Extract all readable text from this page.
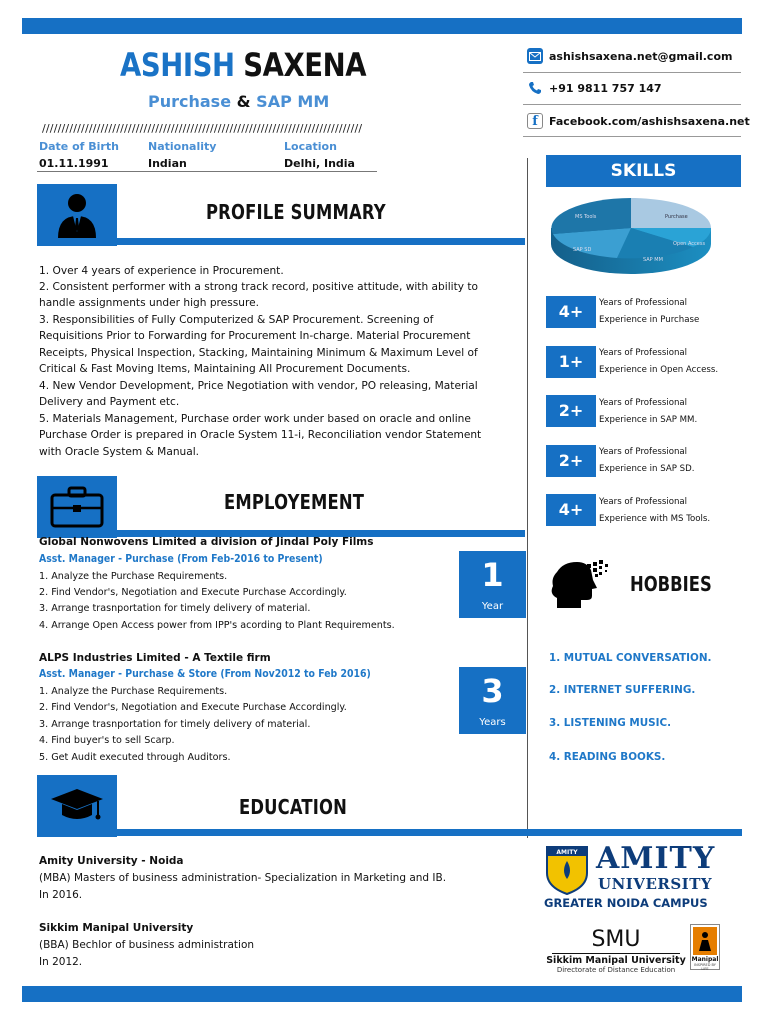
ASHISH SAXENA
Purchase & SAP MM
//////////////////////////////////////////////////////////////////////////////////
Date of Birth
01.11.1991
Nationality
Indian
Location
Delhi, India
ashishsaxena.net@gmail.com
+91 9811 757 147
f	Facebook.com/ashishsaxena.net
PROFILE SUMMARY
1. Over 4 years of experience in Procurement.
2. Consistent performer with a strong track record, positive attitude, with ability to handle assignments under high pressure.
3. Responsibilities of Fully Computerized & SAP Procurement. Screening of Requisitions Prior to Forwarding for Procurement In-charge. Material Procurement Receipts, Physical Inspection, Stacking, Maintaining Minimum & Maximum Level of Critical & Fast Moving Items, Maintaining All Procurement Documents.
4. New Vendor Development, Price Negotiation with vendor, PO releasing, Material Delivery and Payment etc.
5. Materials Management, Purchase order work under based on oracle and online Purchase Order is prepared in Oracle System 11-i, Reconciliation vendor Statement with Oracle System & Manual.
EMPLOYEMENT
Global Nonwovens Limited a division of Jindal Poly Films
Asst. Manager - Purchase (From Feb-2016 to Present)
1. Analyze the Purchase Requirements.
2. Find Vendor's, Negotiation and Execute Purchase Accordingly.
3. Arrange trasnportation for timely delivery of material.
4. Arrange Open Access power from IPP's acording to Plant Requirements.
1
Year
ALPS Industries Limited - A Textile firm
Asst. Manager - Purchase & Store (From Nov2012 to Feb 2016)
1. Analyze the Purchase Requirements.
2. Find Vendor's, Negotiation and Execute Purchase Accordingly.
3. Arrange trasnportation for timely delivery of material.
4. Find buyer's to sell Scarp.
5. Get Audit executed through Auditors.
3
Years
EDUCATION
Amity University - Noida
(MBA) Masters of business administration- Specialization in Marketing and IB.
In 2016.
Sikkim Manipal University
(BBA) Bechlor of business administration
In 2012.
SKILLS
MS Tools	Purchase
SAP SD
Open Access
SAP MM
4+	Years of Professional
Experience in Purchase
1+	Years of Professional
Experience in Open Access.
2+	Years of Professional
Experience in SAP MM.
2+	Years of Professional
Experience in SAP SD.
4+	Years of Professional
Experience with MS Tools.
HOBBIES
1. MUTUAL CONVERSATION.
2. INTERNET SUFFERING.
3. LISTENING MUSIC.
4. READING BOOKS.
AMITY AMITY
UNIVERSITY
GREATER NOIDA CAMPUS
SMU
Sikkim Manipal University
Directorate of Distance Education
Manipal
INSPIRED BY LIFE
